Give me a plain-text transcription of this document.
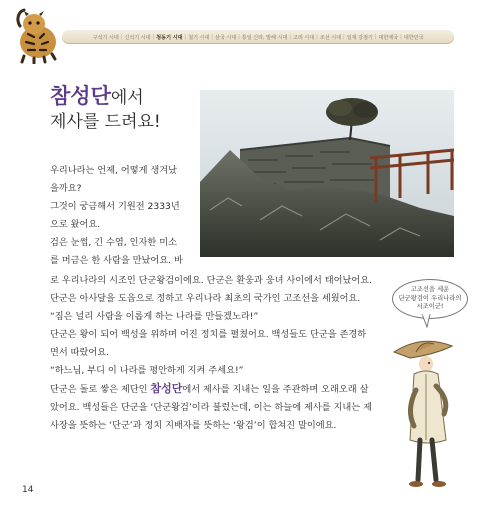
구석기 시대 | 신석기 시대 | 청동기 시대 | 철기 시대 | 삼국 시대 | 통일 신라, 발해 시대 | 고려 시대 | 조선 시대 | 일제 강점기 | 대한제국 | 대한민국
참성단에서
제사를 드려요!

우리나라는 언제, 어떻게 생겨났

을까요?

그것이 궁금해서 기원전 2333년

으로 왔어요.

검은 눈썹, 긴 수염, 인자한 미소

를 머금은 한 사람을 만났어요. 바

로 우리나라의 시조인 단군왕검이에요. 단군은 환웅과 웅녀 사이에서 태어났어요.

단군은 아사달을 도읍으로 정하고 우리나라 최초의 국가인 고조선을 세웠어요.

“짐은 널리 사람을 이롭게 하는 나라를 만들겠노라!”

단군은 왕이 되어 백성을 위하며 어진 정치를 펼쳤어요. 백성들도 단군을 존경하

면서 따랐어요.

“하느님, 부디 이 나라를 평안하게 지켜 주세요!”

단군은 돌로 쌓은 제단인 참성단에서 제사를 지내는 일을 주관하며 오래오래 살

았어요. 백성들은 단군을 ‘단군왕검’이라 불렀는데, 이는 하늘에 제사를 지내는 제

사장을 뜻하는 ‘단군’과 정치 지배자를 뜻하는 ‘왕검’이 합쳐진 말이에요.

고조선을 세운
단군왕검이 우리나라의
시조이군!
14
